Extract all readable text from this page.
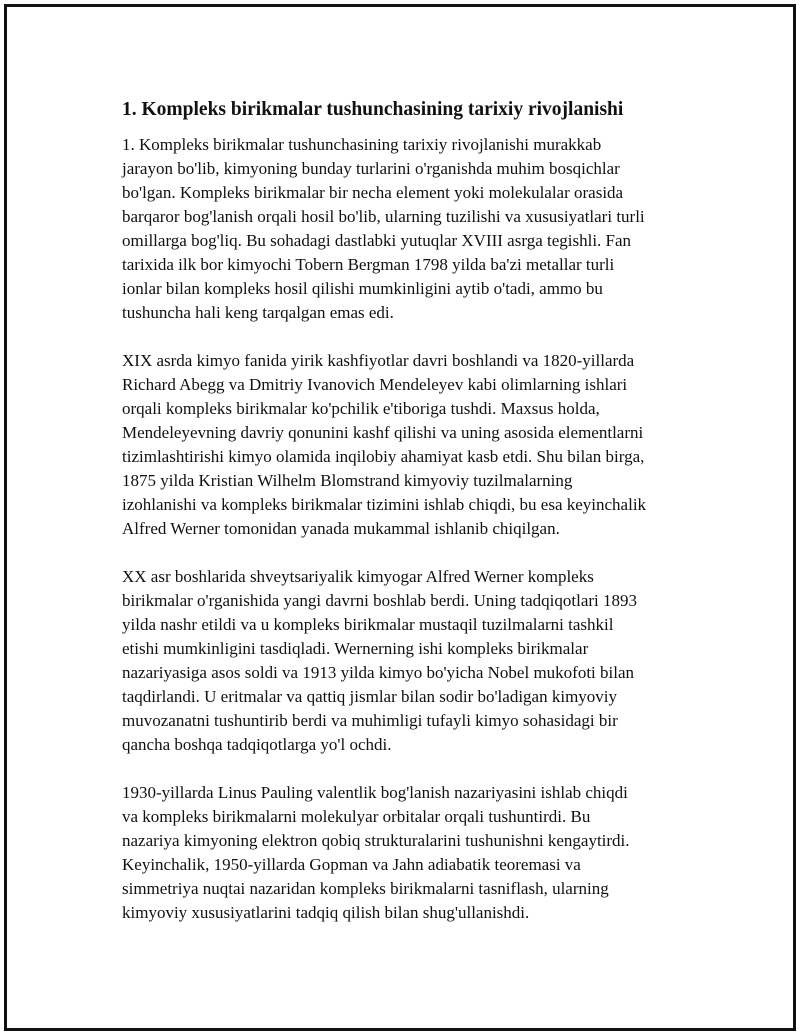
1. Kompleks birikmalar tushunchasining tarixiy rivojlanishi
1. Kompleks birikmalar tushunchasining tarixiy rivojlanishi murakkab
jarayon bo'lib, kimyoning bunday turlarini o'rganishda muhim bosqichlar
bo'lgan. Kompleks birikmalar bir necha element yoki molekulalar orasida
barqaror bog'lanish orqali hosil bo'lib, ularning tuzilishi va xususiyatlari turli
omillarga bog'liq. Bu sohadagi dastlabki yutuqlar XVIII asrga tegishli. Fan
tarixida ilk bor kimyochi Tobern Bergman 1798 yilda ba'zi metallar turli
ionlar bilan kompleks hosil qilishi mumkinligini aytib o'tadi, ammo bu
tushuncha hali keng tarqalgan emas edi.
XIX asrda kimyo fanida yirik kashfiyotlar davri boshlandi va 1820-yillarda
Richard Abegg va Dmitriy Ivanovich Mendeleyev kabi olimlarning ishlari
orqali kompleks birikmalar ko'pchilik e'tiboriga tushdi. Maxsus holda,
Mendeleyevning davriy qonunini kashf qilishi va uning asosida elementlarni
tizimlashtirishi kimyo olamida inqilobiy ahamiyat kasb etdi. Shu bilan birga,
1875 yilda Kristian Wilhelm Blomstrand kimyoviy tuzilmalarning
izohlanishi va kompleks birikmalar tizimini ishlab chiqdi, bu esa keyinchalik
Alfred Werner tomonidan yanada mukammal ishlanib chiqilgan.
XX asr boshlarida shveytsariyalik kimyogar Alfred Werner kompleks
birikmalar o'rganishida yangi davrni boshlab berdi. Uning tadqiqotlari 1893
yilda nashr etildi va u kompleks birikmalar mustaqil tuzilmalarni tashkil
etishi mumkinligini tasdiqladi. Wernerning ishi kompleks birikmalar
nazariyasiga asos soldi va 1913 yilda kimyo bo'yicha Nobel mukofoti bilan
taqdirlandi. U eritmalar va qattiq jismlar bilan sodir bo'ladigan kimyoviy
muvozanatni tushuntirib berdi va muhimligi tufayli kimyo sohasidagi bir
qancha boshqa tadqiqotlarga yo'l ochdi.
1930-yillarda Linus Pauling valentlik bog'lanish nazariyasini ishlab chiqdi
va kompleks birikmalarni molekulyar orbitalar orqali tushuntirdi. Bu
nazariya kimyoning elektron qobiq strukturalarini tushunishni kengaytirdi.
Keyinchalik, 1950-yillarda Gopman va Jahn adiabatik teoremasi va
simmetriya nuqtai nazaridan kompleks birikmalarni tasniflash, ularning
kimyoviy xususiyatlarini tadqiq qilish bilan shug'ullanishdi.
